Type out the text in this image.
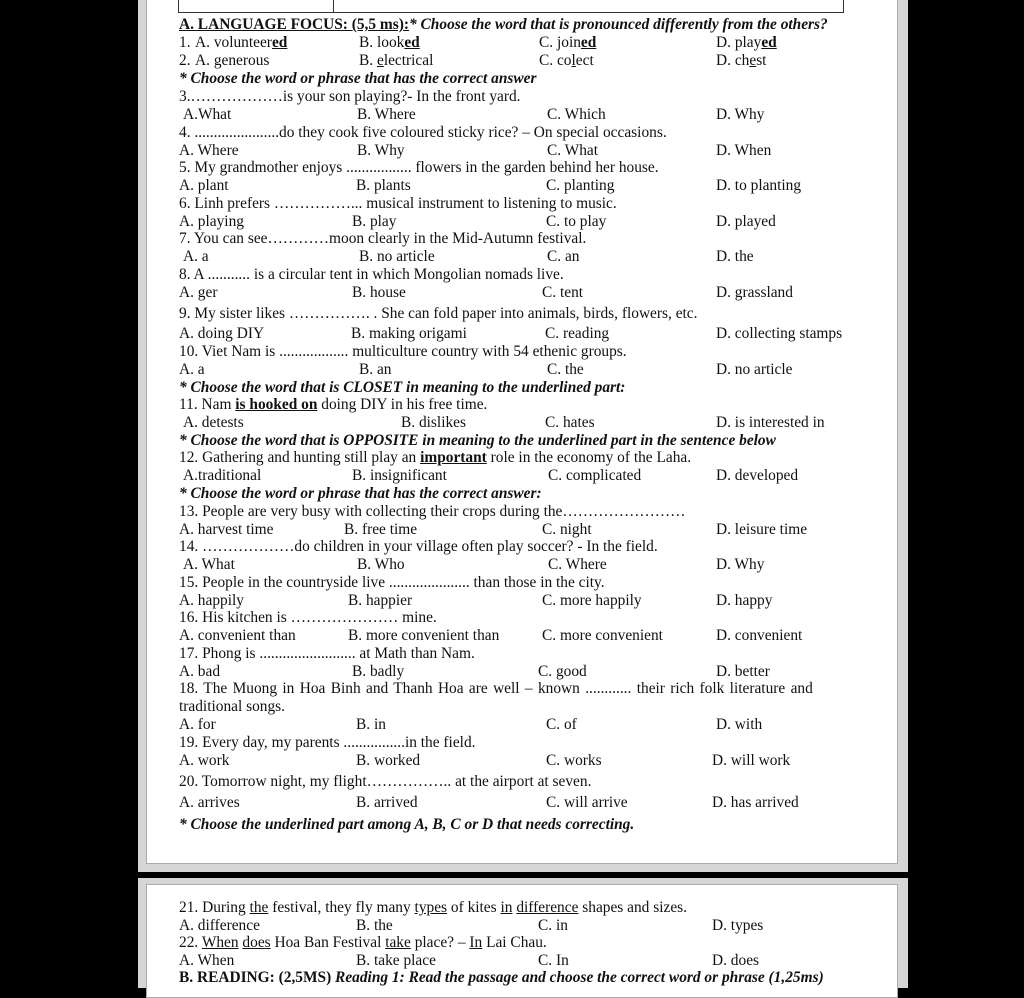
A. LANGUAGE FOCUS: (5,5 ms):* Choose the word that is pronounced differently from the others?
1. A. volunteered	B. looked	C. joined	D. played
2. A. generous	B. electrical	C. colect	D. chest
* Choose the word or phrase that has the correct answer
3.………………is your son playing?- In the front yard.
A.What	B. Where	C. Which	D. Why
4. ......................do they cook five coloured sticky rice? – On special occasions.
A. Where	B. Why	C. What	D. When
5. My grandmother enjoys ................. flowers in the garden behind her house.
A. plant	B. plants	C. planting	D. to planting
6. Linh prefers ……………... musical instrument to listening to music.
A. playing	B. play	C. to play	D. played
7. You can see…………moon clearly in the Mid-Autumn festival.
A. a	B. no article	C. an	D. the
8. A ........... is a circular tent in which Mongolian nomads live.
A. ger	B. house	C. tent	D. grassland
9. My sister likes ……………. . She can fold paper into animals, birds, flowers, etc.
A. doing DIY	B. making origami	C. reading	D. collecting stamps
10. Viet Nam is .................. multiculture country with 54 ethenic groups.
A. a	B. an	C. the	D. no article
* Choose the word that is CLOSET in meaning to the underlined part:
11. Nam is hooked on doing DIY in his free time.
A. detests	B. dislikes	C. hates	D. is interested in
* Choose the word that is OPPOSITE in meaning to the underlined part in the sentence below
12. Gathering and hunting still play an important role in the economy of the Laha.
A.traditional	B. insignificant	C. complicated	D. developed
* Choose the word or phrase that has the correct answer:
13. People are very busy with collecting their crops during the……………………
A. harvest time	B. free time	C. night	D. leisure time
14. ………………do children in your village often play soccer? - In the field.
A. What	B. Who	C. Where	D. Why
15. People in the countryside live ..................... than those in the city.
A. happily	B. happier	C. more happily	D. happy
16. His kitchen is ………………… mine.
A. convenient than	B. more convenient than	C. more convenient	D. convenient
17. Phong is ......................... at Math than Nam.
A. bad	B. badly	C. good	D. better
18. The Muong in Hoa Binh and Thanh Hoa are well – known ............ their rich folk literature and
traditional songs.
A. for	B. in	C. of	D. with
19. Every day, my parents ................in the field.
A. work	B. worked	C. works	D. will work
20. Tomorrow night, my flight…………….. at the airport at seven.
A. arrives	B. arrived	C. will arrive	D. has arrived
* Choose the underlined part among A, B, C or D that needs correcting.
21. During the festival, they fly many types of kites in difference shapes and sizes.
A. difference	B. the	C. in	D. types
22. When does Hoa Ban Festival take place? – In Lai Chau.
A. When	B. take place	C. In	D. does
B. READING: (2,5MS) Reading 1: Read the passage and choose the correct word or phrase (1,25ms)
